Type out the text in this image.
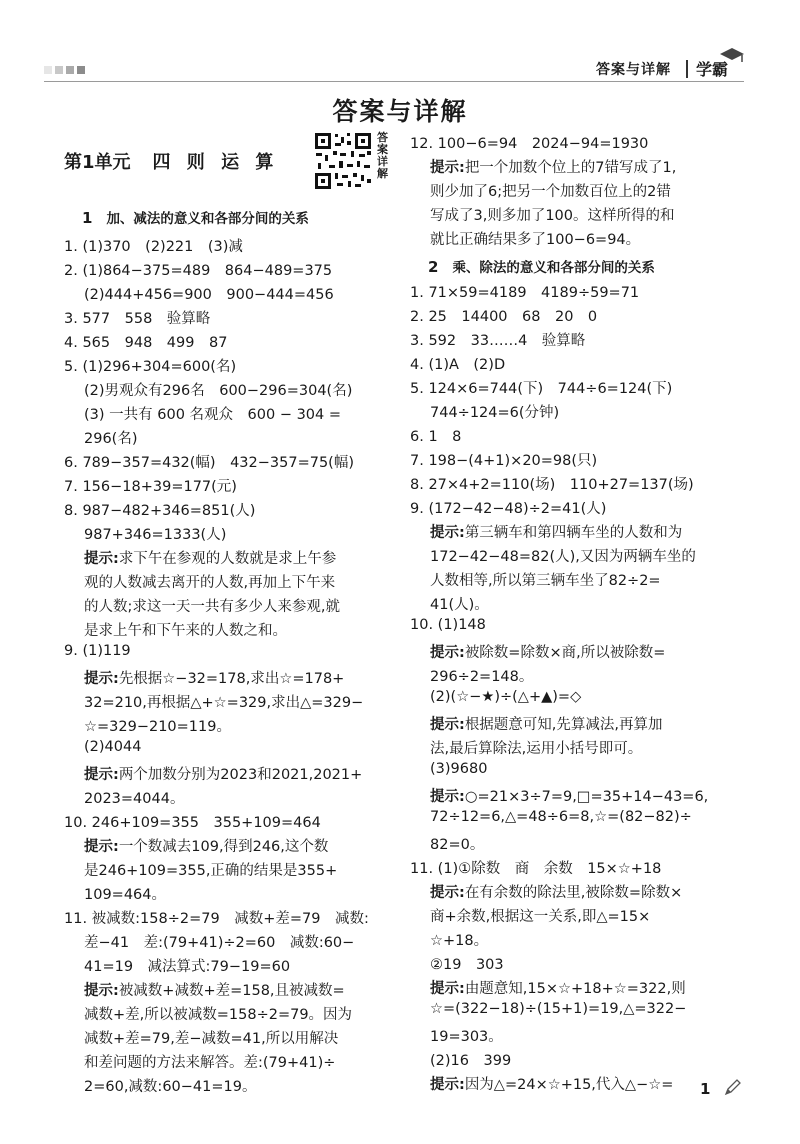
答案与详解 学霸
答案与详解
第1单元 四 则 运 算
答案详解
1 加、减法的意义和各部分间的关系
2 乘、除法的意义和各部分间的关系
1. (1)370　(2)221　(3)减
2. (1)864−375=489　864−489=375
(2)444+456=900　900−444=456
3. 577　558　验算略
4. 565　948　499　87
5. (1)296+304=600(名)
(2)男观众有296名　600−296=304(名)
(3) 一共有 600 名观众　600 − 304 =
296(名)
6. 789−357=432(幅)　432−357=75(幅)
7. 156−18+39=177(元)
8. 987−482+346=851(人)
987+346=1333(人)
提示:求下午在参观的人数就是求上午参
观的人数减去离开的人数,再加上下午来
的人数;求这一天一共有多少人来参观,就
是求上午和下午来的人数之和。
9. (1)119
提示:先根据☆−32=178,求出☆=178+
32=210,再根据△+☆=329,求出△=329−
☆=329−210=119。
(2)4044
提示:两个加数分别为2023和2021,2021+
2023=4044。
10. 246+109=355　355+109=464
提示:一个数减去109,得到246,这个数
是246+109=355,正确的结果是355+
109=464。
11. 被减数:158÷2=79　减数+差=79　减数:
差−41　差:(79+41)÷2=60　减数:60−
41=19　减法算式:79−19=60
提示:被减数+减数+差=158,且被减数=
减数+差,所以被减数=158÷2=79。因为
减数+差=79,差−减数=41,所以用解决
和差问题的方法来解答。差:(79+41)÷
2=60,减数:60−41=19。
12. 100−6=94　2024−94=1930
提示:把一个加数个位上的7错写成了1,
则少加了6;把另一个加数百位上的2错
写成了3,则多加了100。这样所得的和
就比正确结果多了100−6=94。
1. 71×59=4189　4189÷59=71
2. 25　14400　68　20　0
3. 592　33……4　验算略
4. (1)A　(2)D
5. 124×6=744(下)　744÷6=124(下)
744÷124=6(分钟)
6. 1　8
7. 198−(4+1)×20=98(只)
8. 27×4+2=110(场)　110+27=137(场)
9. (172−42−48)÷2=41(人)
提示:第三辆车和第四辆车坐的人数和为
172−42−48=82(人),又因为两辆车坐的
人数相等,所以第三辆车坐了82÷2=
41(人)。
10. (1)148
提示:被除数=除数×商,所以被除数=
296÷2=148。
(2)(☆−★)÷(△+▲)=◇
提示:根据题意可知,先算减法,再算加
法,最后算除法,运用小括号即可。
(3)9680
提示:○=21×3÷7=9,□=35+14−43=6,
72÷12=6,△=48÷6=8,☆=(82−82)÷
82=0。
11. (1)①除数　商　余数　15×☆+18
提示:在有余数的除法里,被除数=除数×
商+余数,根据这一关系,即△=15×
☆+18。
②19　303
提示:由题意知,15×☆+18+☆=322,则
☆=(322−18)÷(15+1)=19,△=322−
19=303。
(2)16　399
提示:因为△=24×☆+15,代入△−☆= 1
